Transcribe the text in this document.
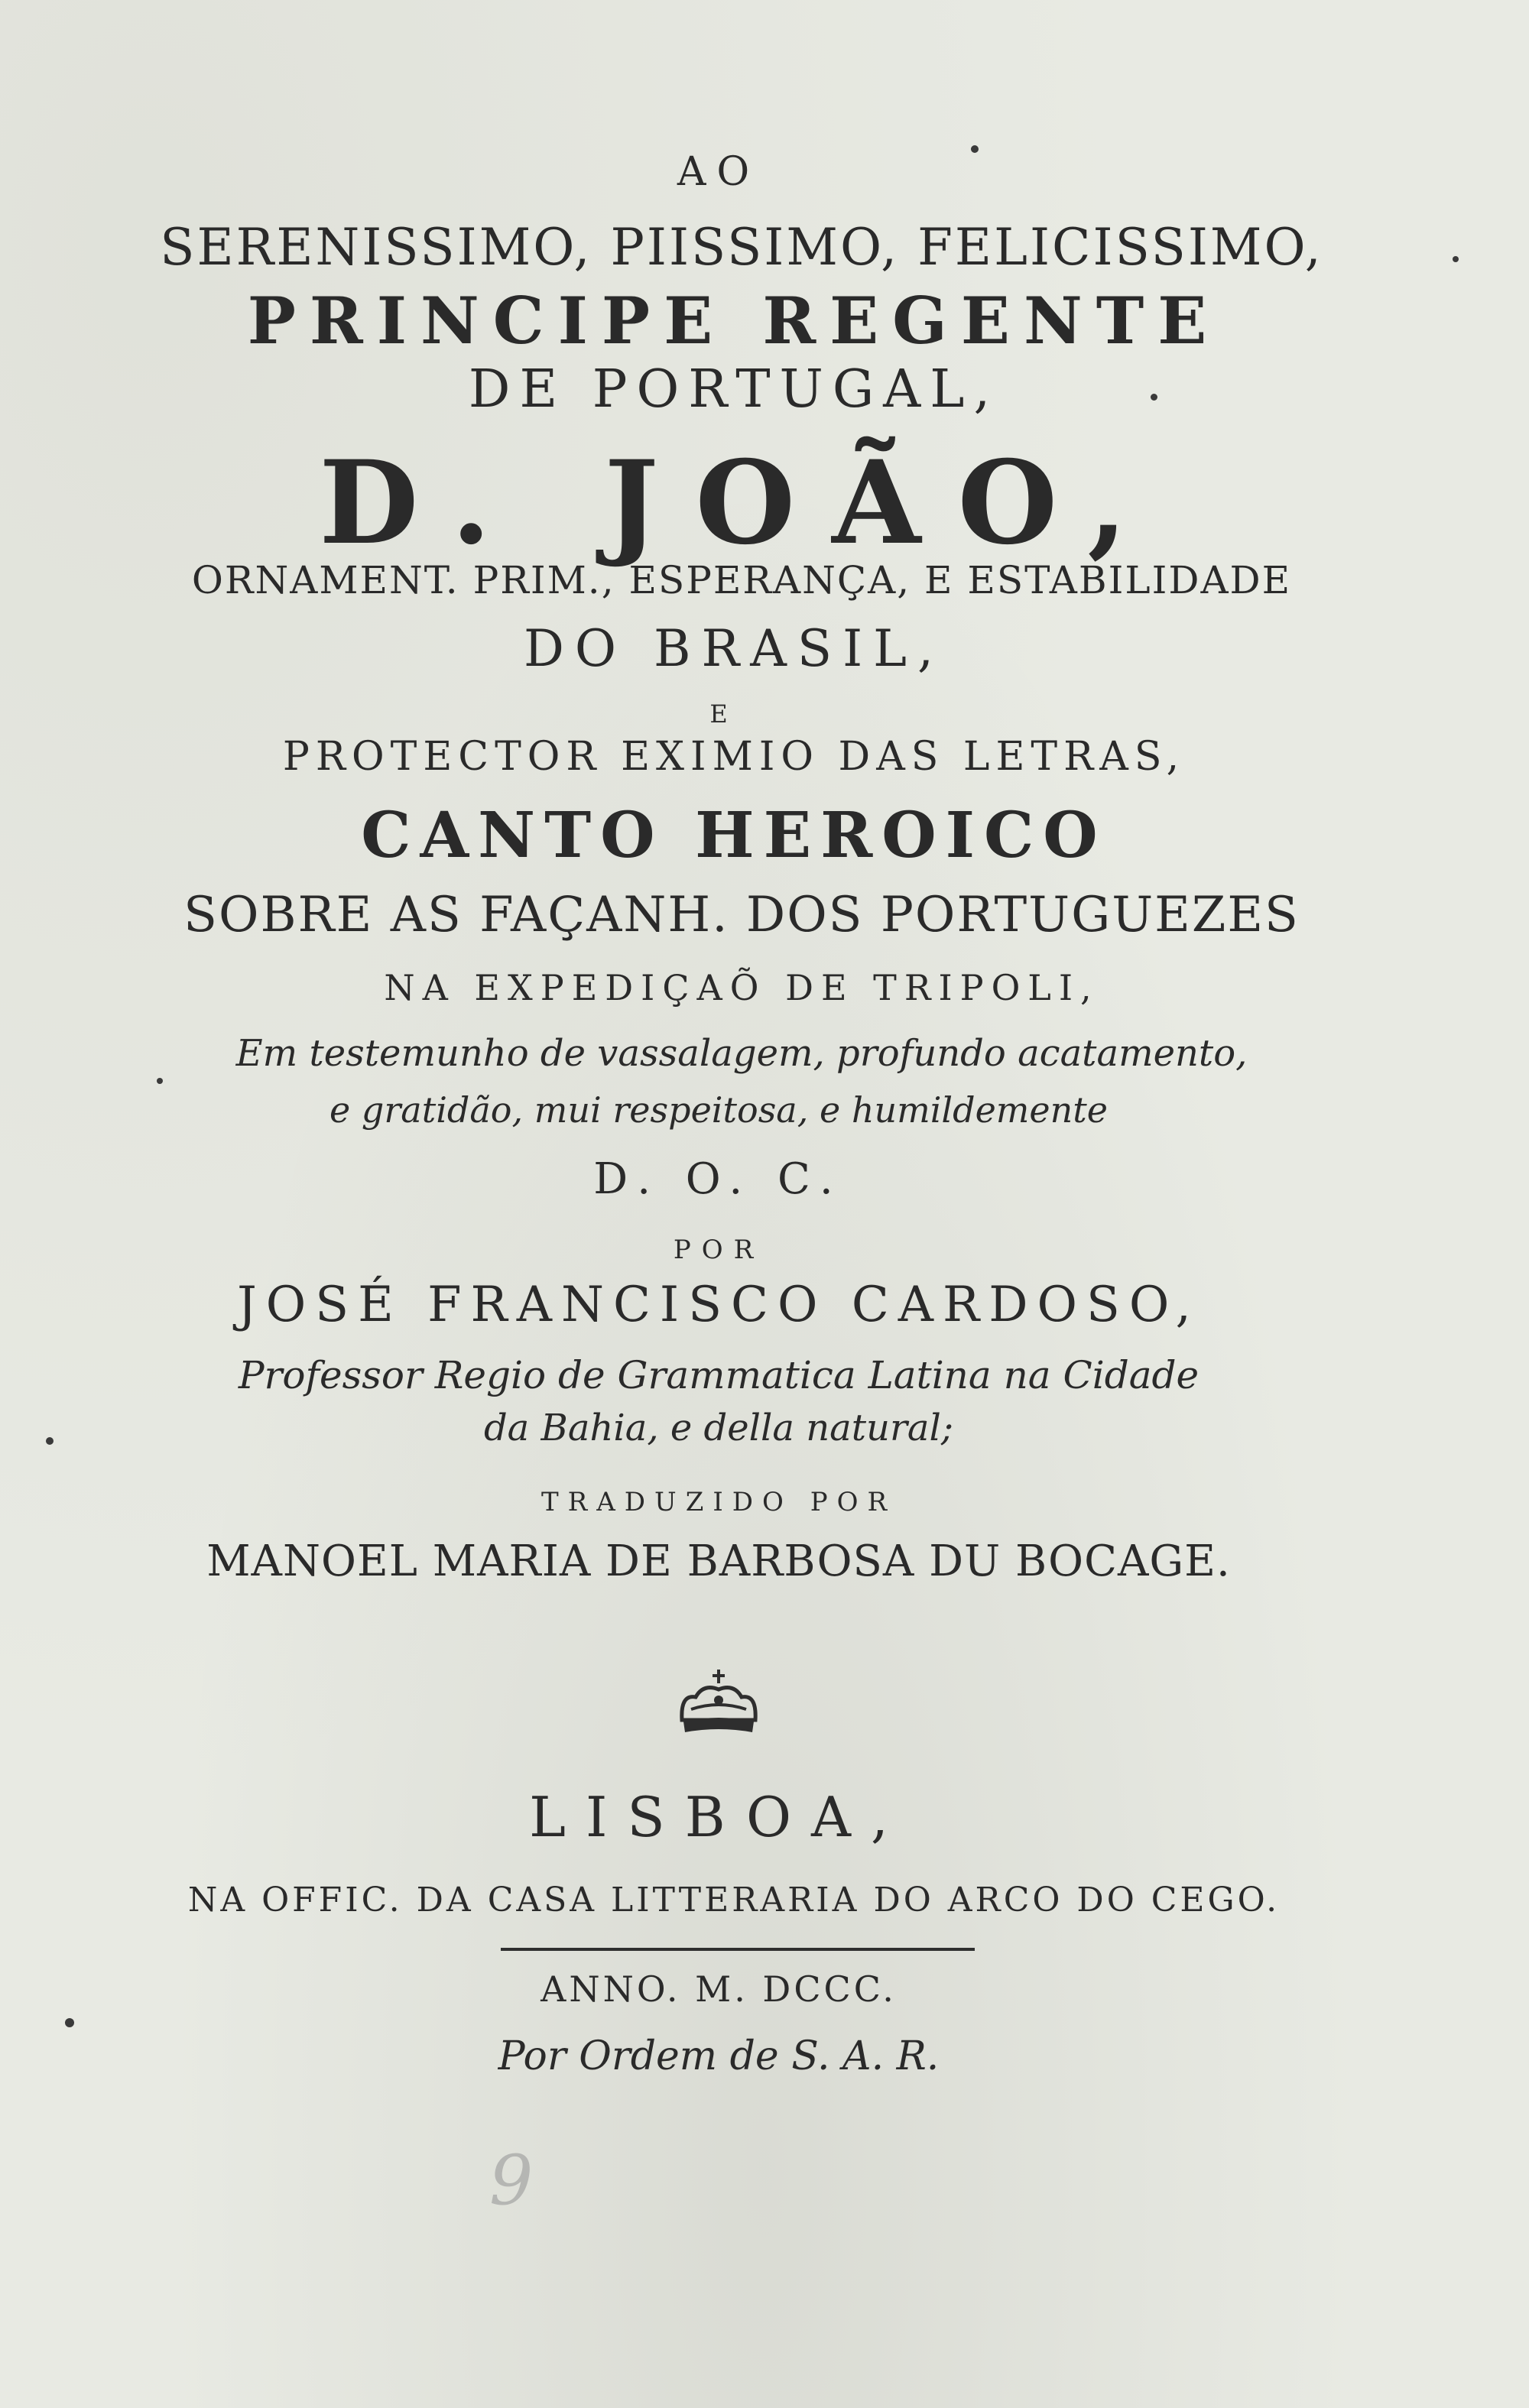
AO

SERENISSIMO, PIISSIMO, FELICISSIMO,

PRINCIPE REGENTE

DE PORTUGAL,

D. JOÃO,

ORNAMENT. PRIM., ESPERANÇA, E ESTABILIDADE

DO BRASIL,

E

PROTECTOR EXIMIO DAS LETRAS,

CANTO HEROICO

SOBRE AS FAÇANH. DOS PORTUGUEZES

NA EXPEDIÇAÕ DE TRIPOLI,

Em testemunho de vassalagem, profundo acatamento,

e gratidão, mui respeitosa, e humildemente

D. O. C.

POR

JOSÉ FRANCISCO CARDOSO,

Professor Regio de Grammatica Latina na Cidade

da Bahia, e della natural;

TRADUZIDO POR

MANOEL MARIA DE BARBOSA DU BOCAGE.

LISBOA,

NA OFFIC. DA CASA LITTERARIA DO ARCO DO CEGO.

ANNO. M. DCCC.

Por Ordem de S. A. R.

9
